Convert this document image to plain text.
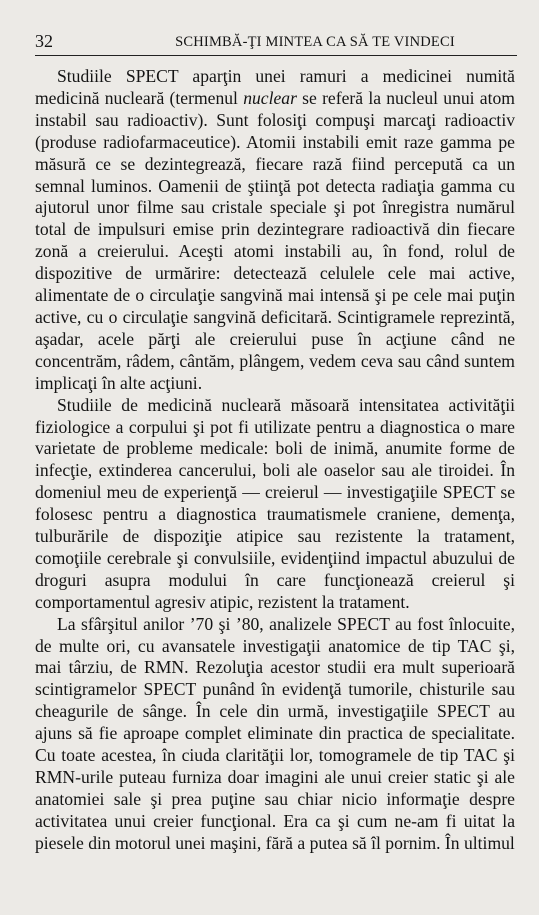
32	SCHIMBĂ-ŢI MINTEA CA SĂ TE VINDECI

Studiile SPECT aparţin unei ramuri a medicinei numită medicină nucleară (termenul nuclear se referă la nucleul unui atom instabil sau radioactiv). Sunt folosiţi compuşi marcaţi radioactiv (produse radiofarmaceutice). Atomii instabili emit raze gamma pe măsură ce se dezintegrează, fiecare rază fiind percepută ca un semnal luminos. Oamenii de ştiinţă pot detecta radiaţia gamma cu ajutorul unor filme sau cristale speciale şi pot înregistra numărul total de impulsuri emise prin dezintegrare radioactivă din fiecare zonă a creierului. Aceşti atomi instabili au, în fond, rolul de dispozitive de urmărire: detectează celulele cele mai active, alimentate de o circulaţie sangvină mai intensă şi pe cele mai puţin active, cu o circulaţie sangvină deficitară. Scintigramele reprezintă, aşadar, acele părţi ale creierului puse în acţiune când ne concentrăm, râdem, cântăm, plângem, vedem ceva sau când suntem implicaţi în alte acţiuni.

Studiile de medicină nucleară măsoară intensitatea activităţii fiziologice a corpului şi pot fi utilizate pentru a diagnostica o mare varietate de probleme medicale: boli de inimă, anumite forme de infecţie, extinderea cancerului, boli ale oaselor sau ale tiroidei. În domeniul meu de experienţă — creierul — investigaţiile SPECT se folosesc pentru a diagnostica traumatismele craniene, demenţa, tulburările de dispoziţie atipice sau rezistente la tratament, comoţiile cerebrale şi convulsiile, evidenţiind impactul abuzului de droguri asupra modului în care funcţionează creierul şi comportamentul agresiv atipic, rezistent la tratament.

La sfârşitul anilor ’70 şi ’80, analizele SPECT au fost înlocuite, de multe ori, cu avansatele investigaţii anatomice de tip TAC şi, mai târziu, de RMN. Rezoluţia acestor studii era mult superioară scintigramelor SPECT punând în evidenţă tumorile, chisturile sau cheagurile de sânge. În cele din urmă, investigaţiile SPECT au ajuns să fie aproape complet eliminate din practica de specialitate. Cu toate acestea, în ciuda clarităţii lor, tomogramele de tip TAC şi RMN-urile puteau furniza doar imagini ale unui creier static şi ale anatomiei sale şi prea puţine sau chiar nicio informaţie despre activitatea unui creier funcţional. Era ca şi cum ne-am fi uitat la piesele din motorul unei maşini, fără a putea să îl pornim. În ultimul
